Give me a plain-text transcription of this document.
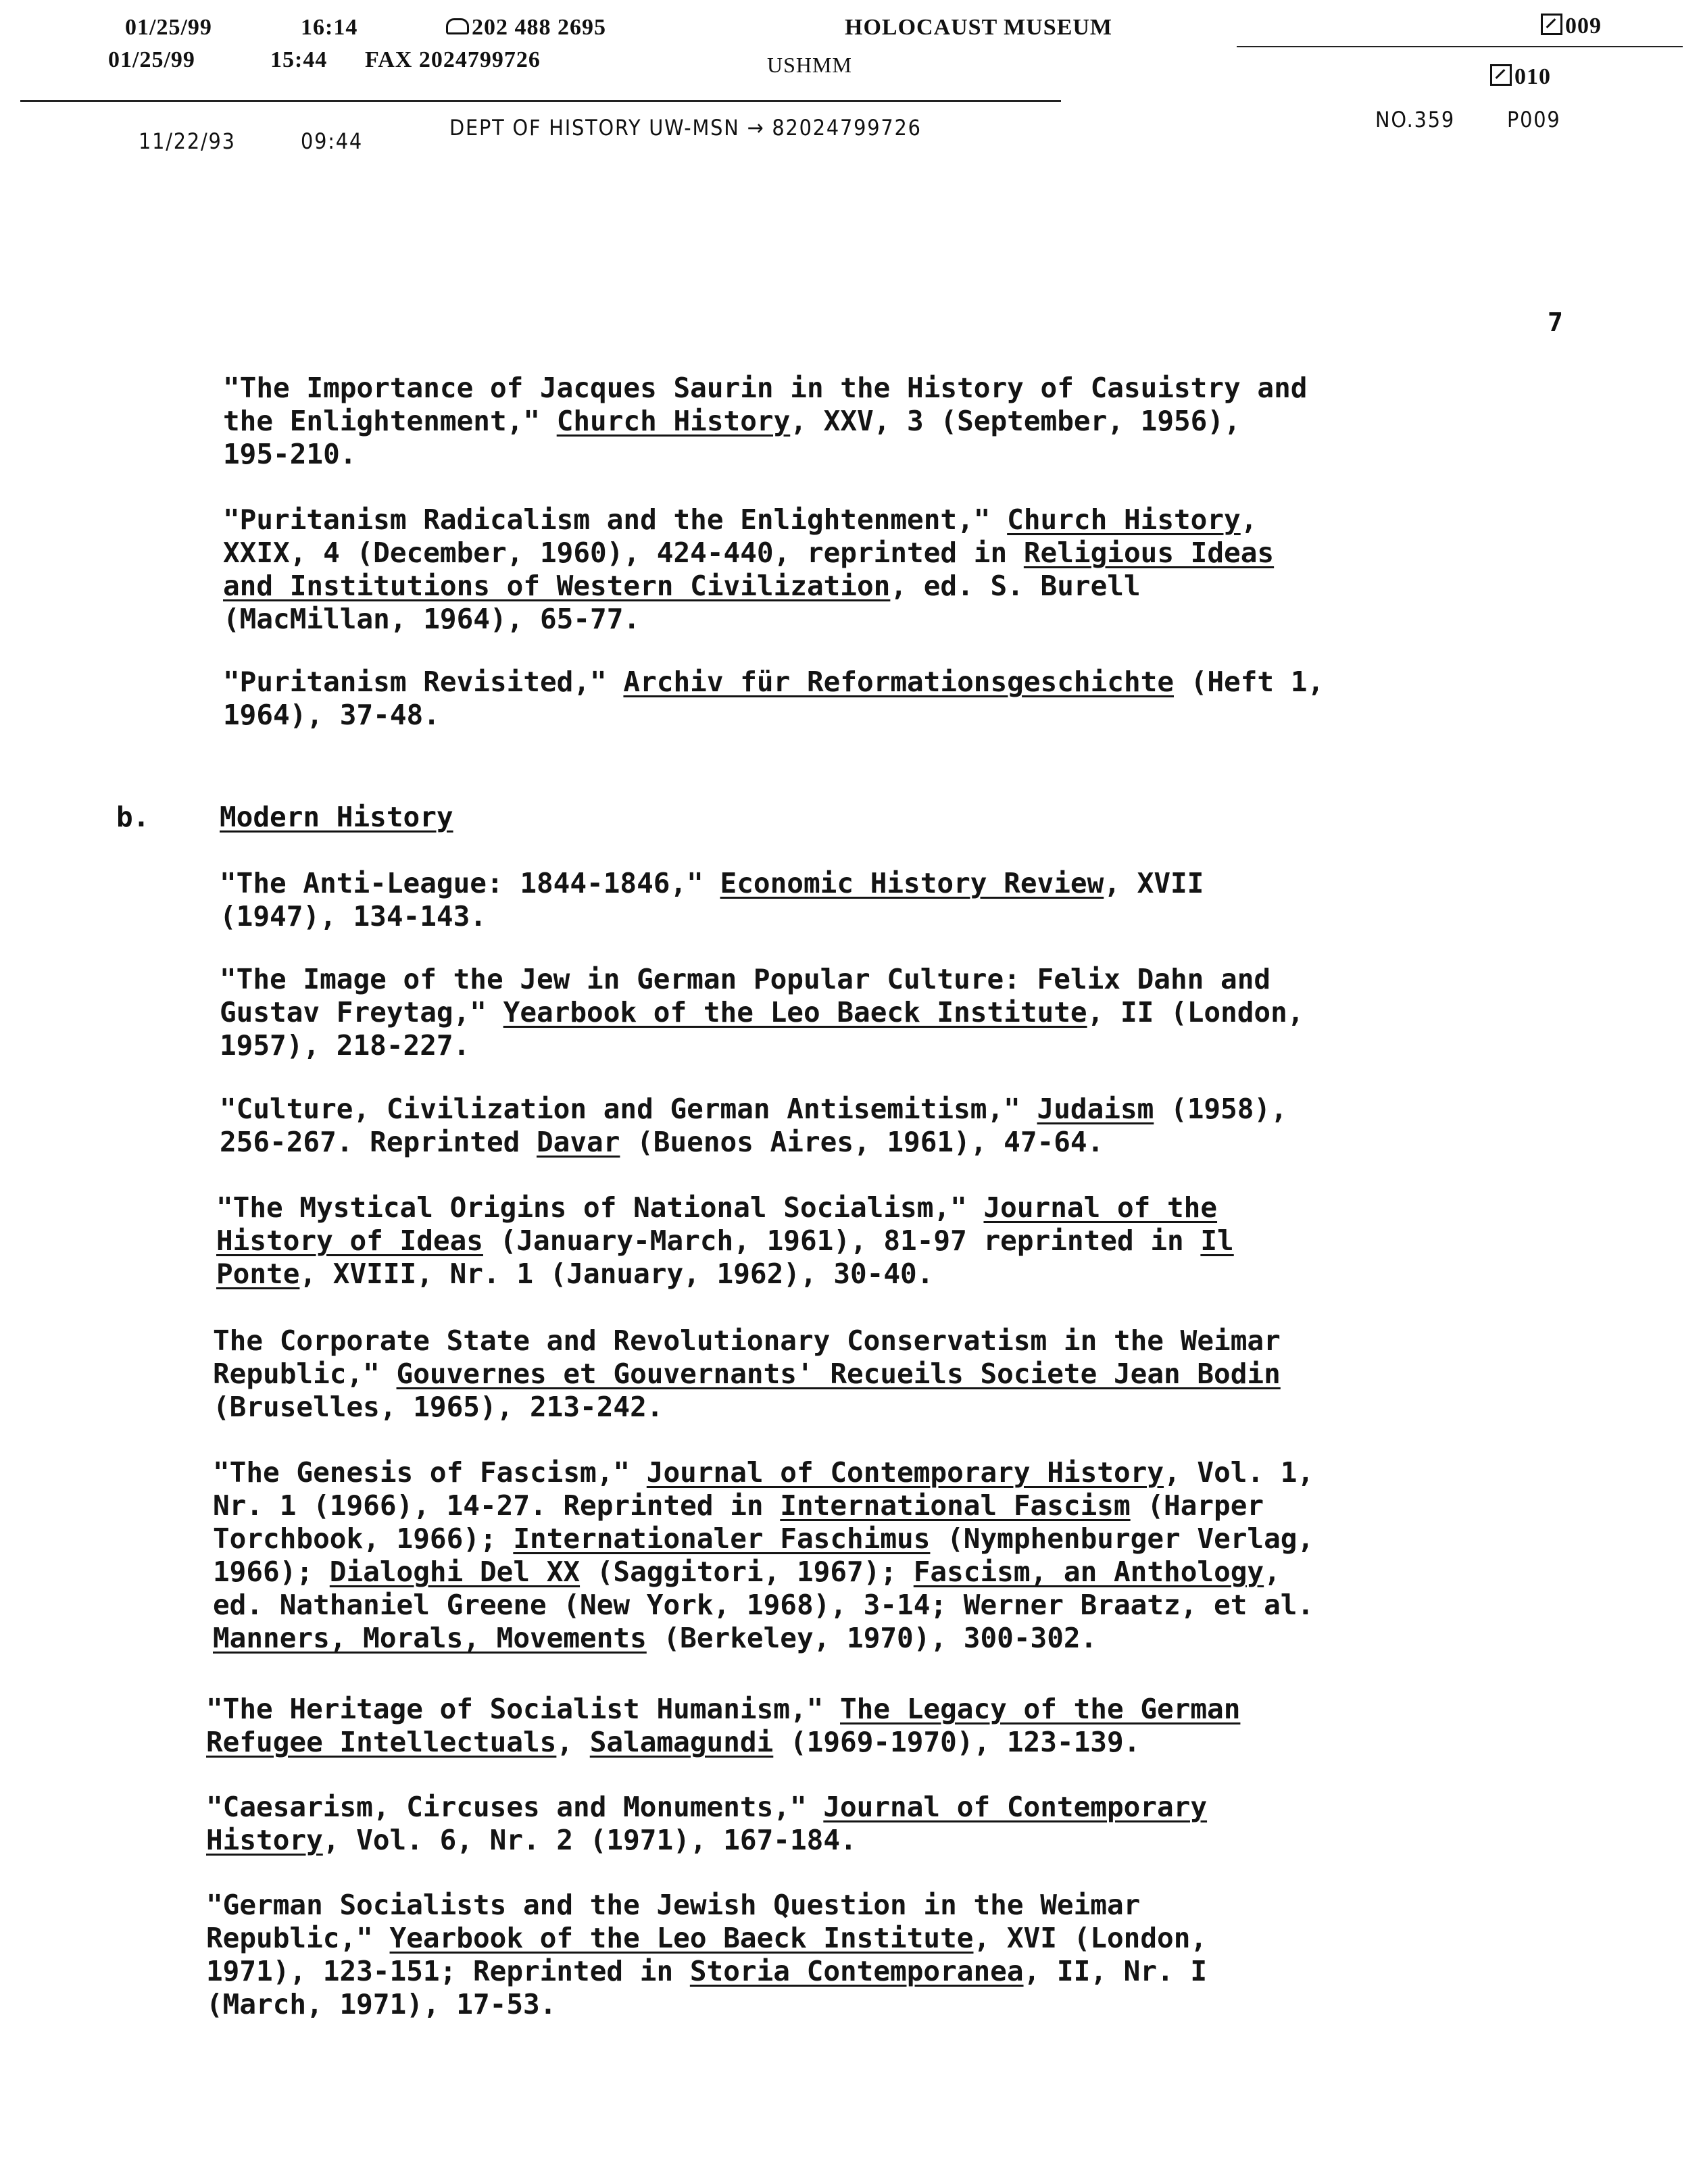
01/25/99	16:14	202 488 2695	HOLOCAUST MUSEUM	009
01/25/99	15:44 FAX 2024799726	USHMM	010
11/22/93	09:44
DEPT OF HISTORY UW-MSN → 82024799726	NO.359 P009
7
"The Importance of Jacques Saurin in the History of Casuistry and
the Enlightenment," Church History, XXV, 3 (September, 1956),
195-210.
"Puritanism Radicalism and the Enlightenment," Church History,
XXIX, 4 (December, 1960), 424-440, reprinted in Religious Ideas
and Institutions of Western Civilization, ed. S. Burell
(MacMillan, 1964), 65-77.
"Puritanism Revisited," Archiv für Reformationsgeschichte (Heft 1,
1964), 37-48.
b.	Modern History
"The Anti-League: 1844-1846," Economic History Review, XVII
(1947), 134-143.
"The Image of the Jew in German Popular Culture: Felix Dahn and
Gustav Freytag," Yearbook of the Leo Baeck Institute, II (London,
1957), 218-227.
"Culture, Civilization and German Antisemitism," Judaism (1958),
256-267. Reprinted Davar (Buenos Aires, 1961), 47-64.
"The Mystical Origins of National Socialism," Journal of the
History of Ideas (January-March, 1961), 81-97 reprinted in Il
Ponte, XVIII, Nr. 1 (January, 1962), 30-40.
The Corporate State and Revolutionary Conservatism in the Weimar
Republic," Gouvernes et Gouvernants' Recueils Societe Jean Bodin
(Bruselles, 1965), 213-242.
"The Genesis of Fascism," Journal of Contemporary History, Vol. 1,
Nr. 1 (1966), 14-27. Reprinted in International Fascism (Harper
Torchbook, 1966); Internationaler Faschimus (Nymphenburger Verlag,
1966); Dialoghi Del XX (Saggitori, 1967); Fascism, an Anthology,
ed. Nathaniel Greene (New York, 1968), 3-14; Werner Braatz, et al.
Manners, Morals, Movements (Berkeley, 1970), 300-302.
"The Heritage of Socialist Humanism," The Legacy of the German
Refugee Intellectuals, Salamagundi (1969-1970), 123-139.
"Caesarism, Circuses and Monuments," Journal of Contemporary
History, Vol. 6, Nr. 2 (1971), 167-184.
"German Socialists and the Jewish Question in the Weimar
Republic," Yearbook of the Leo Baeck Institute, XVI (London,
1971), 123-151; Reprinted in Storia Contemporanea, II, Nr. I
(March, 1971), 17-53.
